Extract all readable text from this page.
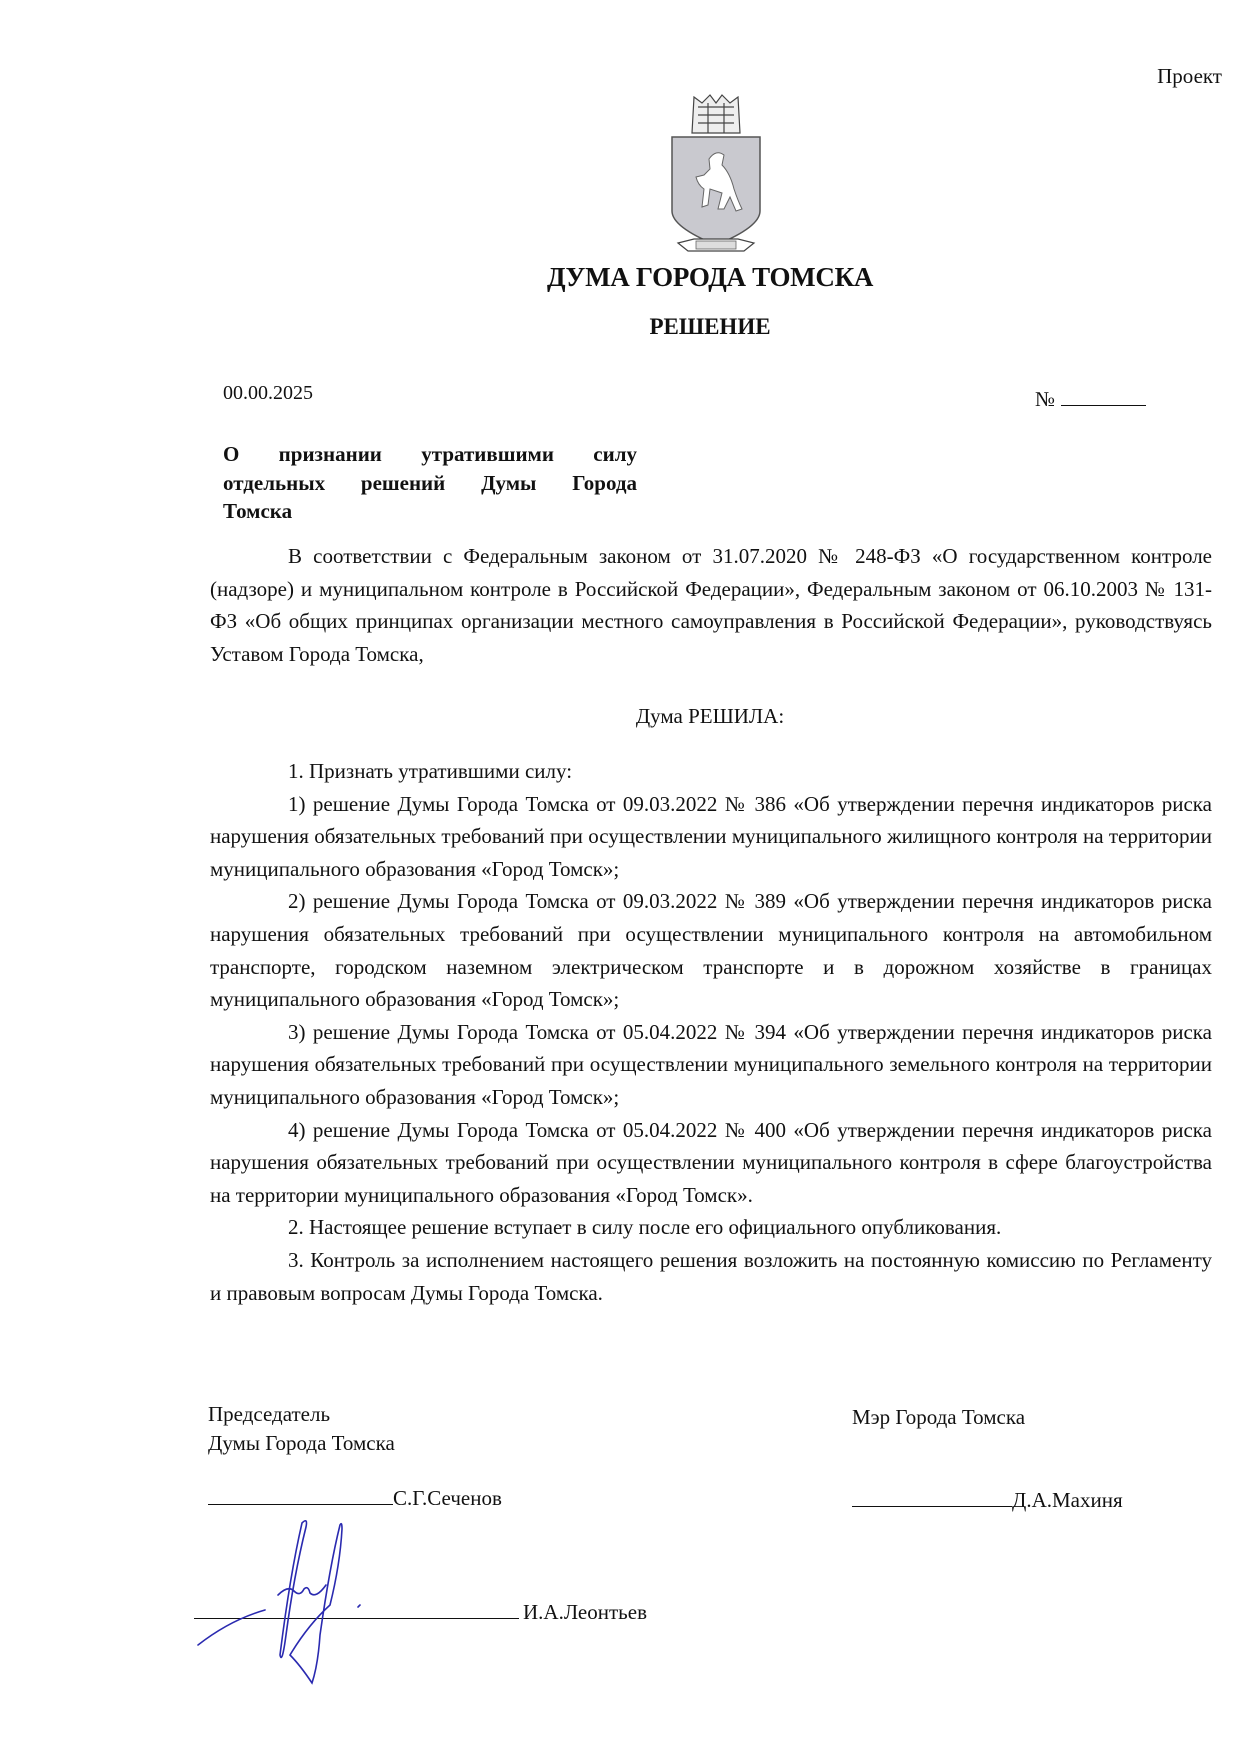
Проект
ДУМА ГОРОДА ТОМСКА
РЕШЕНИЕ
00.00.2025	№
О признании утратившими силу
отдельных решений Думы Города
Томска

В соответствии с Федеральным законом от 31.07.2020 № 248-ФЗ «О государственном контроле (надзоре) и муниципальном контроле в Российской Федерации», Федеральным законом от 06.10.2003 № 131-ФЗ «Об общих принципах организации местного самоуправления в Российской Федерации», руководствуясь Уставом Города Томска,

Дума РЕШИЛА:

1. Признать утратившими силу:

1) решение Думы Города Томска от 09.03.2022 № 386 «Об утверждении перечня индикаторов риска нарушения обязательных требований при осуществлении муниципального жилищного контроля на территории муниципального образования «Город Томск»;

2) решение Думы Города Томска от 09.03.2022 № 389 «Об утверждении перечня индикаторов риска нарушения обязательных требований при осуществлении муниципального контроля на автомобильном транспорте, городском наземном электрическом транспорте и в дорожном хозяйстве в границах муниципального образования «Город Томск»;

3) решение Думы Города Томска от 05.04.2022 № 394 «Об утверждении перечня индикаторов риска нарушения обязательных требований при осуществлении муниципального земельного контроля на территории муниципального образования «Город Томск»;

4) решение Думы Города Томска от 05.04.2022 № 400 «Об утверждении перечня индикаторов риска нарушения обязательных требований при осуществлении муниципального контроля в сфере благоустройства на территории муниципального образования «Город Томск».

2. Настоящее решение вступает в силу после его официального опубликования.

3. Контроль за исполнением настоящего решения возложить на постоянную комиссию по Регламенту и правовым вопросам Думы Города Томска.

Председатель
Думы Города Томска
Мэр Города Томска
С.Г.Сеченов	Д.А.Махиня
И.А.Леонтьев
